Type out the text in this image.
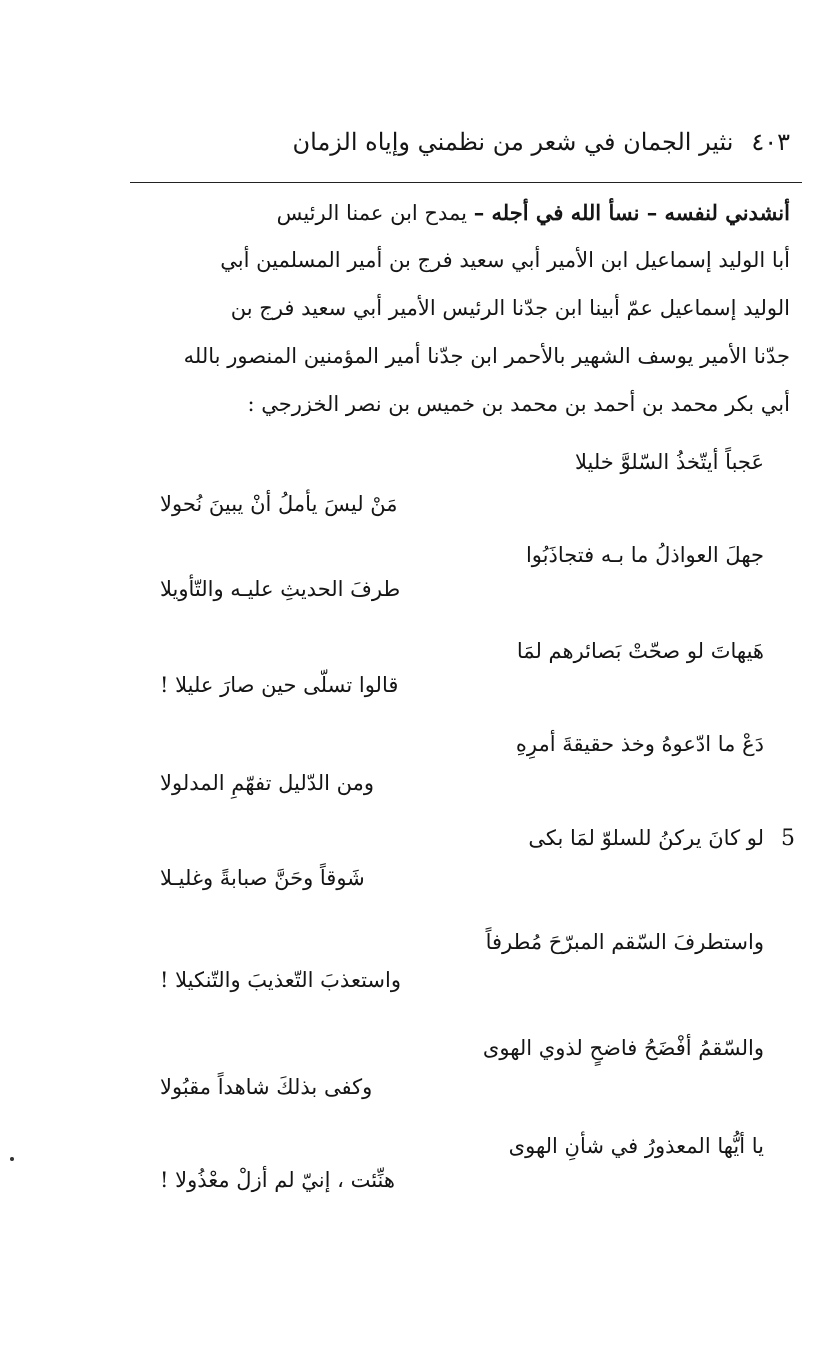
٤٠٣
نثير الجمان في شعر من نظمني وإياه الزمان
أنشدني لنفسه – نسأ الله في أجله – يمدح ابن عمنا الرئيس
أبا الوليد إسماعيل ابن الأمير أبي سعيد فرج بن أمير المسلمين أبي
الوليد إسماعيل عمّ أبينا ابن جدّنا الرئيس الأمير أبي سعيد فرج بن
جدّنا الأمير يوسف الشهير بالأحمر ابن جدّنا أمير المؤمنين المنصور بالله
أبي بكر محمد بن أحمد بن محمد بن خميس بن نصر الخزرجي :
عَجباً أيتّخذُ السّلوَّ خليلا
مَنْ ليسَ يأملُ أنْ يبينَ نُحولا
جهلَ العواذلُ ما بـه فتجاذَبُوا
طرفَ الحديثِ عليـه والتّأويلا
هَيهاتَ لو صحّتْ بَصائرهم لمَا
قالوا تسلّى حين صارَ عليلا !
دَعْ ما ادّعوهُ وخذ حقيقةَ أمرِهِ
ومن الدّليل تفهّمِ المدلولا
5
لو كانَ يركنُ للسلوّ لمَا بكى
شَوقاً وحَنَّ صبابةً وغليـلا
واستطرفَ السّقم المبرّحَ مُطرفاً
واستعذبَ التّعذيبَ والتّنكيلا !
والسّقمُ أفْضَحُ فاضحٍ لذوي الهوى
وكفى بذلكَ شاهداً مقبُولا
يا أيُّها المعذورُ في شأنِ الهوى
هنِّئت ، إنيّ لم أزلْ معْذُولا !
